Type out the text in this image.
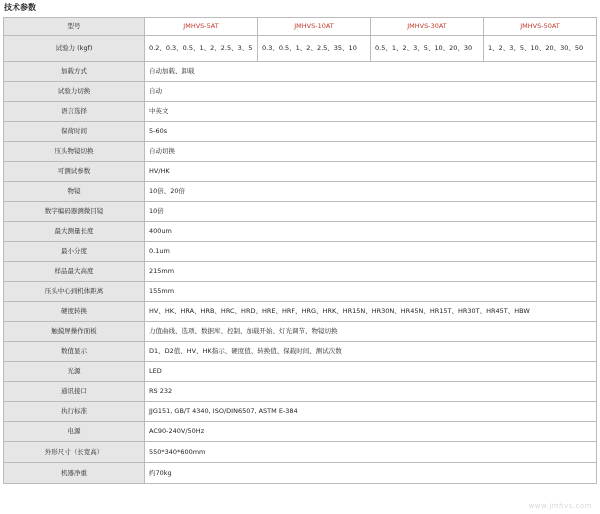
技术参数
型号	JMHVS-5AT	JMHVS-10AT	JMHVS-30AT	JMHVS-50AT
试验力 (kgf)	0.2、0.3、0.5、1、2、2.5、3、5	0.3、0.5、1、2、2.5、35、10	0.5、1、2、3、5、10、20、30	1、2、3、5、10、20、30、50
加载方式	自动加载、卸载			
试验力切换	自动			
语言选择	中英文			
保荷时间	5-60s			
压头物镜切换	自动切换			
可测试参数	HV/HK			
物镜	10倍、20倍			
数字编码器测微目镜	10倍			
最大测量长度	400um			
最小分度	0.1um			
样品最大高度	215mm			
压头中心到机体距离	155mm			
硬度转换	HV、HK、HRA、HRB、HRC、HRD、HRE、HRF、HRG、HRK、HR15N、HR30N、HR45N、HR15T、HR30T、HR45T、HBW			
触摸屏操作面板	力值曲线、选项、数据库、控制、加载开始、灯光调节、物镜切换			
数值显示	D1、D2值、HV、HK指示、硬度值、转换值、保载时间、测试次数			
光源	LED			
通讯接口	RS 232			
执行标准	JJG151, GB/T 4340, ISO/DIN6507, ASTM E-384			
电源	AC90-240V/50Hz			
外形尺寸（长宽高）	550*340*600mm			
机器净重	约70kg			
www.jmhvs.com
